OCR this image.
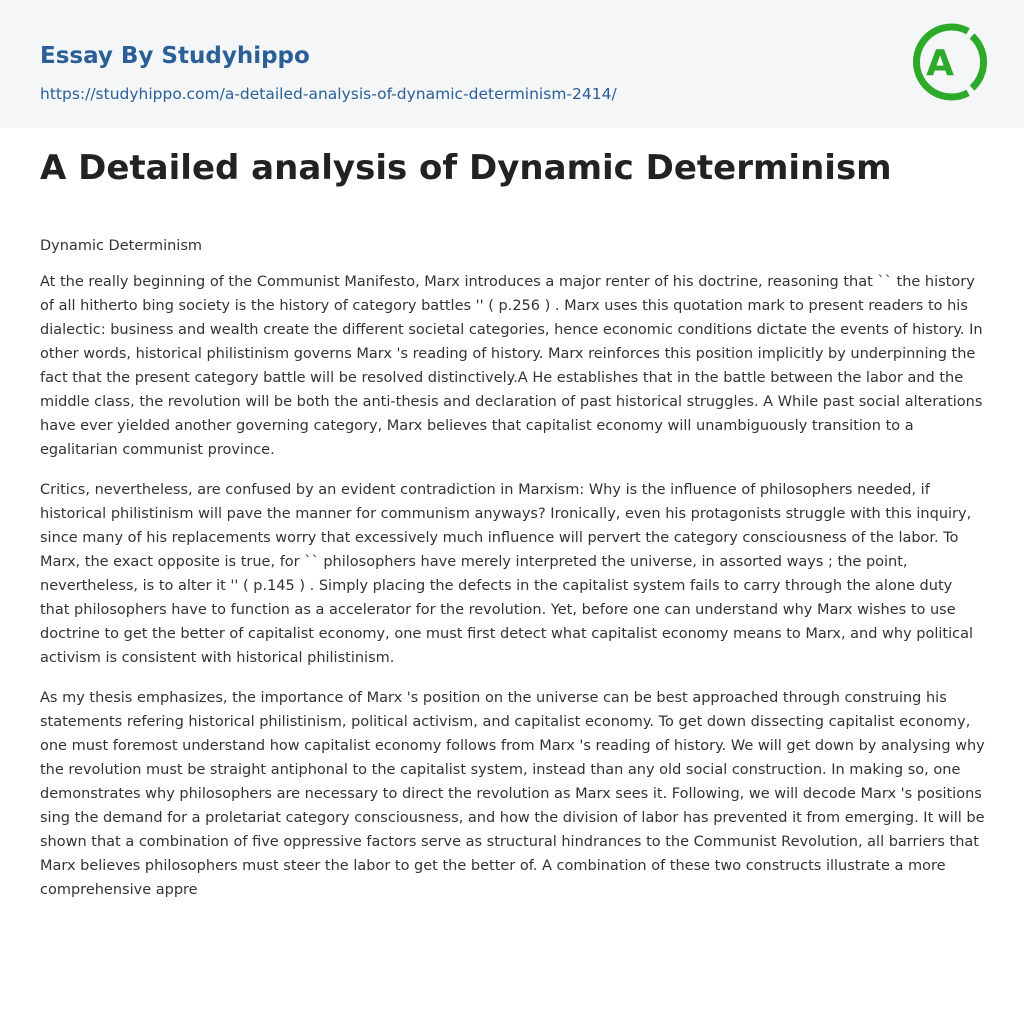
Essay By Studyhippo
https://studyhippo.com/a-detailed-analysis-of-dynamic-determinism-2414/
A
A Detailed analysis of Dynamic Determinism
Dynamic Determinism

At the really beginning of the Communist Manifesto, Marx introduces a major renter of his doctrine, reasoning that `` the history of all hitherto bing society is the history of category battles '' ( p.256 ) . Marx uses this quotation mark to present readers to his dialectic: business and wealth create the different societal categories, hence economic conditions dictate the events of history. In other words, historical philistinism governs Marx 's reading of history. Marx reinforces this position implicitly by underpinning the fact that the present category battle will be resolved distinctively.A He establishes that in the battle between the labor and the middle class, the revolution will be both the anti-thesis and declaration of past historical struggles. A While past social alterations have ever yielded another governing category, Marx believes that capitalist economy will unambiguously transition to a egalitarian communist province.

Critics, nevertheless, are confused by an evident contradiction in Marxism: Why is the influence of philosophers needed, if historical philistinism will pave the manner for communism anyways? Ironically, even his protagonists struggle with this inquiry, since many of his replacements worry that excessively much influence will pervert the category consciousness of the labor. To Marx, the exact opposite is true, for `` philosophers have merely interpreted the universe, in assorted ways ; the point, nevertheless, is to alter it '' ( p.145 ) . Simply placing the defects in the capitalist system fails to carry through the alone duty that philosophers have to function as a accelerator for the revolution. Yet, before one can understand why Marx wishes to use doctrine to get the better of capitalist economy, one must first detect what capitalist economy means to Marx, and why political activism is consistent with historical philistinism.

As my thesis emphasizes, the importance of Marx 's position on the universe can be best approached through construing his statements refering historical philistinism, political activism, and capitalist economy. To get down dissecting capitalist economy, one must foremost understand how capitalist economy follows from Marx 's reading of history. We will get down by analysing why the revolution must be straight antiphonal to the capitalist system, instead than any old social construction. In making so, one demonstrates why philosophers are necessary to direct the revolution as Marx sees it. Following, we will decode Marx 's positions sing the demand for a proletariat category consciousness, and how the division of labor has prevented it from emerging. It will be shown that a combination of five oppressive factors serve as structural hindrances to the Communist Revolution, all barriers that Marx believes philosophers must steer the labor to get the better of. A combination of these two constructs illustrate a more comprehensive appre
